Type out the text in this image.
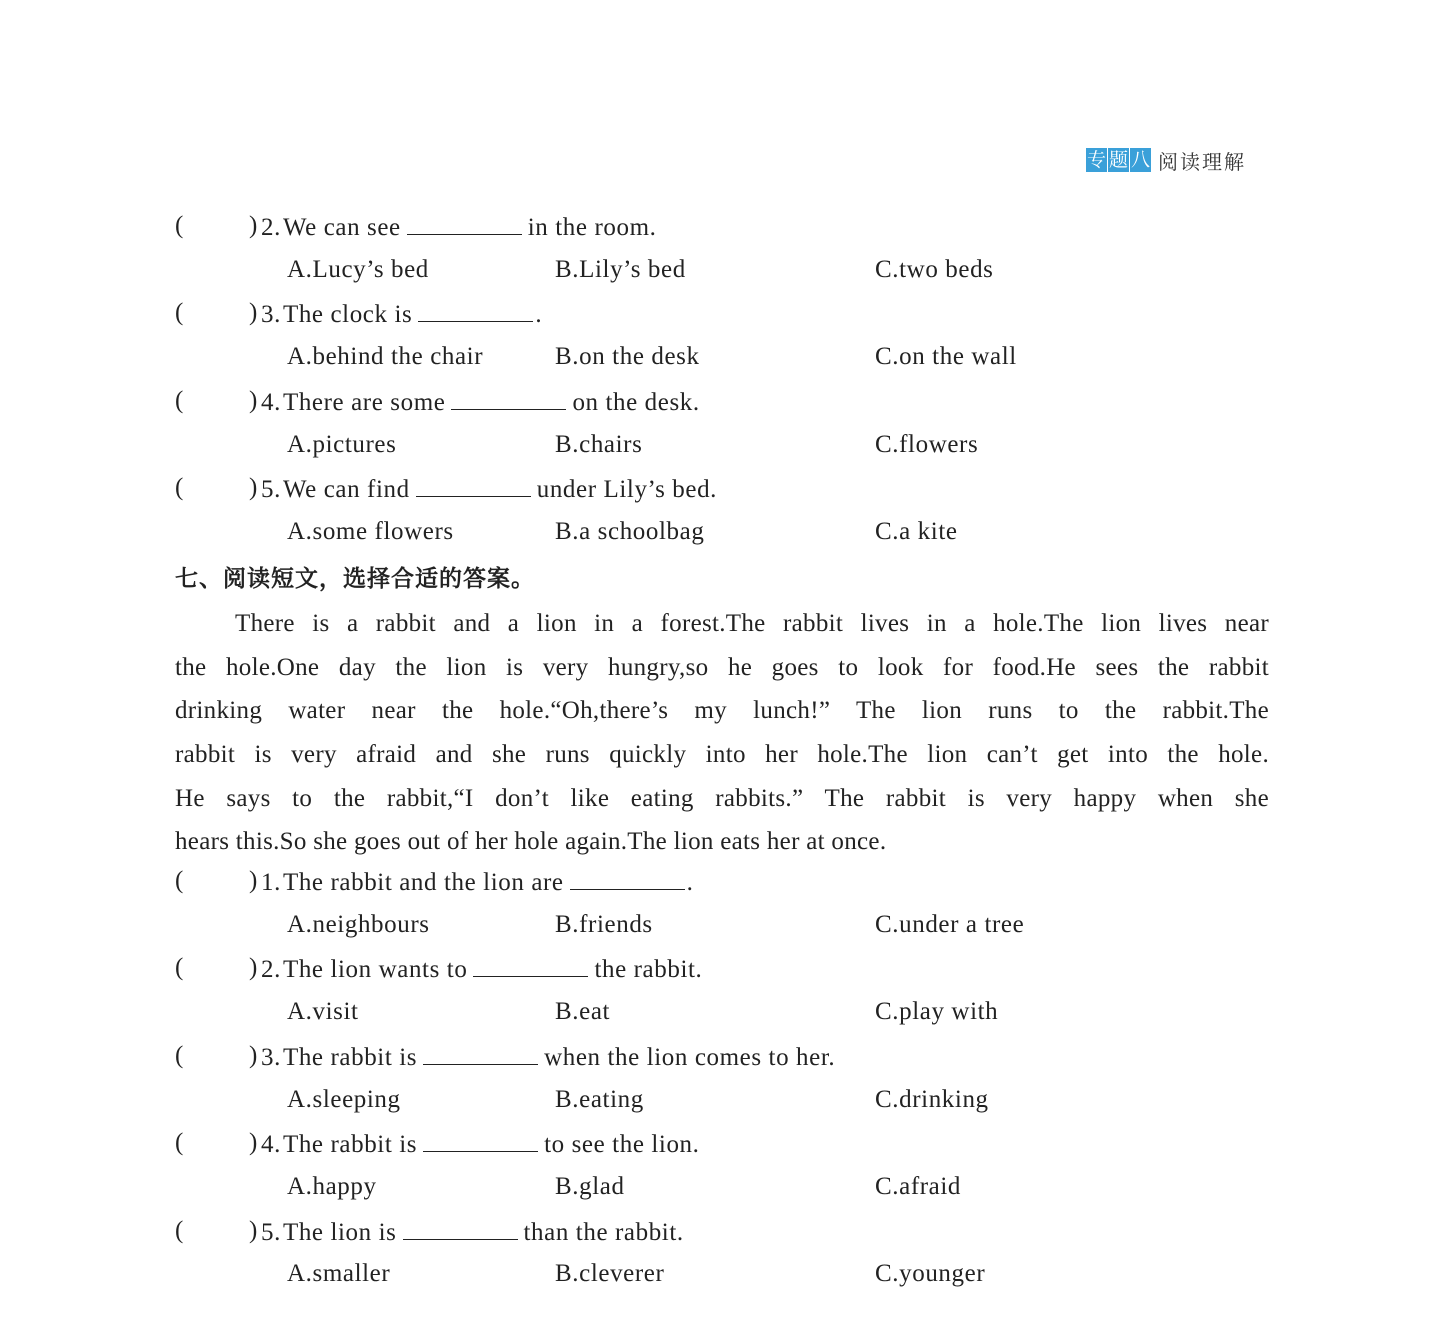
专 题 八 阅读理解
(	) 2.We can see	in the room.
A.Lucy’s bed	B.Lily’s bed	C.two beds
(	) 3.The clock is	.
A.behind the chair	B.on the desk	C.on the wall
(	) 4.There are some	on the desk.
A.pictures	B.chairs	C.flowers
(	) 5.We can find	under Lily’s bed.
A.some flowers	B.a schoolbag	C.a kite
七、阅读短文，选择合适的答案。
There is a rabbit and a lion in a forest.The rabbit lives in a hole.The lion lives near
the hole.One day the lion is very hungry,so he goes to look for food.He sees the rabbit
drinking water near the hole.“Oh,there’s my lunch!” The lion runs to the rabbit.The
rabbit is very afraid and she runs quickly into her hole.The lion can’t get into the hole.
He says to the rabbit,“I don’t like eating rabbits.” The rabbit is very happy when she
hears this.So she goes out of her hole again.The lion eats her at once.
(	) 1.The rabbit and the lion are	.
A.neighbours	B.friends	C.under a tree
(	) 2.The lion wants to	the rabbit.
A.visit	B.eat	C.play with
(	) 3.The rabbit is	when the lion comes to her.
A.sleeping	B.eating	C.drinking
(	) 4.The rabbit is	to see the lion.
A.happy	B.glad	C.afraid
(	) 5.The lion is	than the rabbit.
A.smaller	B.cleverer	C.younger
